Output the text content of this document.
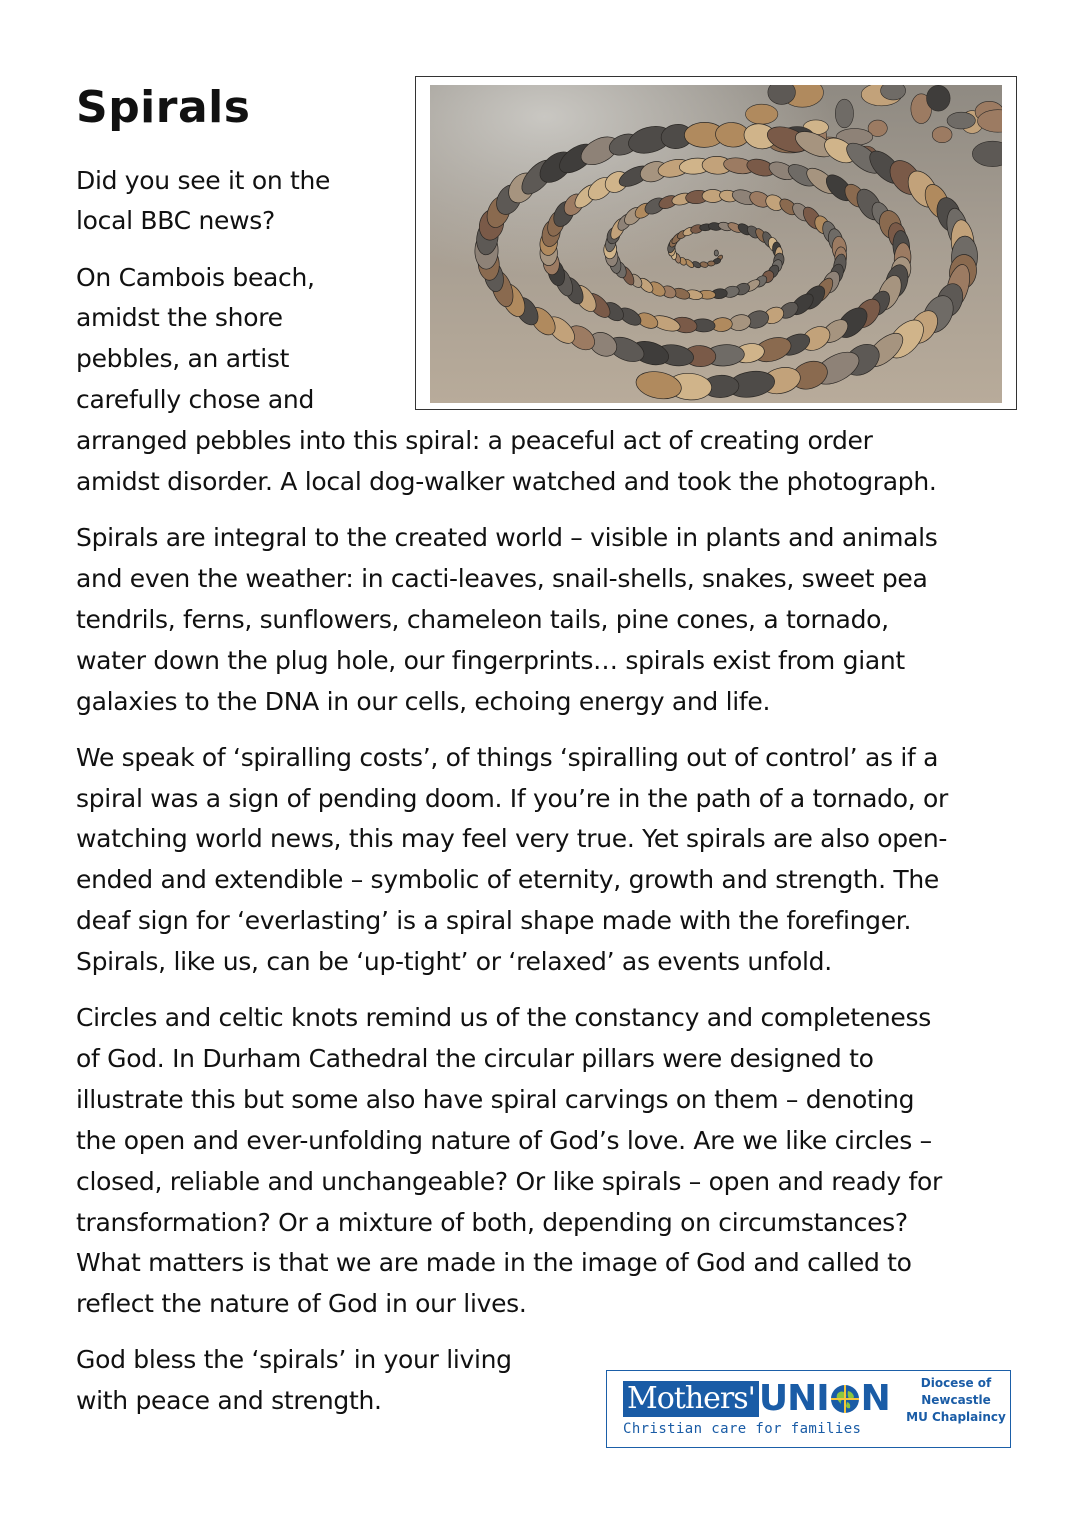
Spirals
Did you see it on the
local BBC news?
On Cambois beach,
amidst the shore
pebbles, an artist
carefully chose and
arranged pebbles into this spiral: a peaceful act of creating order
amidst disorder. A local dog-walker watched and took the photograph.
Spirals are integral to the created world – visible in plants and animals
and even the weather: in cacti-leaves, snail-shells, snakes, sweet pea
tendrils, ferns, sunflowers, chameleon tails, pine cones, a tornado,
water down the plug hole, our fingerprints… spirals exist from giant
galaxies to the DNA in our cells, echoing energy and life.
We speak of ‘spiralling costs’, of things ‘spiralling out of control’ as if a
spiral was a sign of pending doom. If you’re in the path of a tornado, or
watching world news, this may feel very true. Yet spirals are also open-
ended and extendible – symbolic of eternity, growth and strength. The
deaf sign for ‘everlasting’ is a spiral shape made with the forefinger.
Spirals, like us, can be ‘up-tight’ or ‘relaxed’ as events unfold.
Circles and celtic knots remind us of the constancy and completeness
of God. In Durham Cathedral the circular pillars were designed to
illustrate this but some also have spiral carvings on them – denoting
the open and ever-unfolding nature of God’s love. Are we like circles –
closed, reliable and unchangeable? Or like spirals – open and ready for
transformation? Or a mixture of both, depending on circumstances?
What matters is that we are made in the image of God and called to
reflect the nature of God in our lives.
God bless the ‘spirals’ in your living
with peace and strength.	Mothers' UNI N
Christian care for families
Diocese of
Newcastle
MU Chaplaincy
